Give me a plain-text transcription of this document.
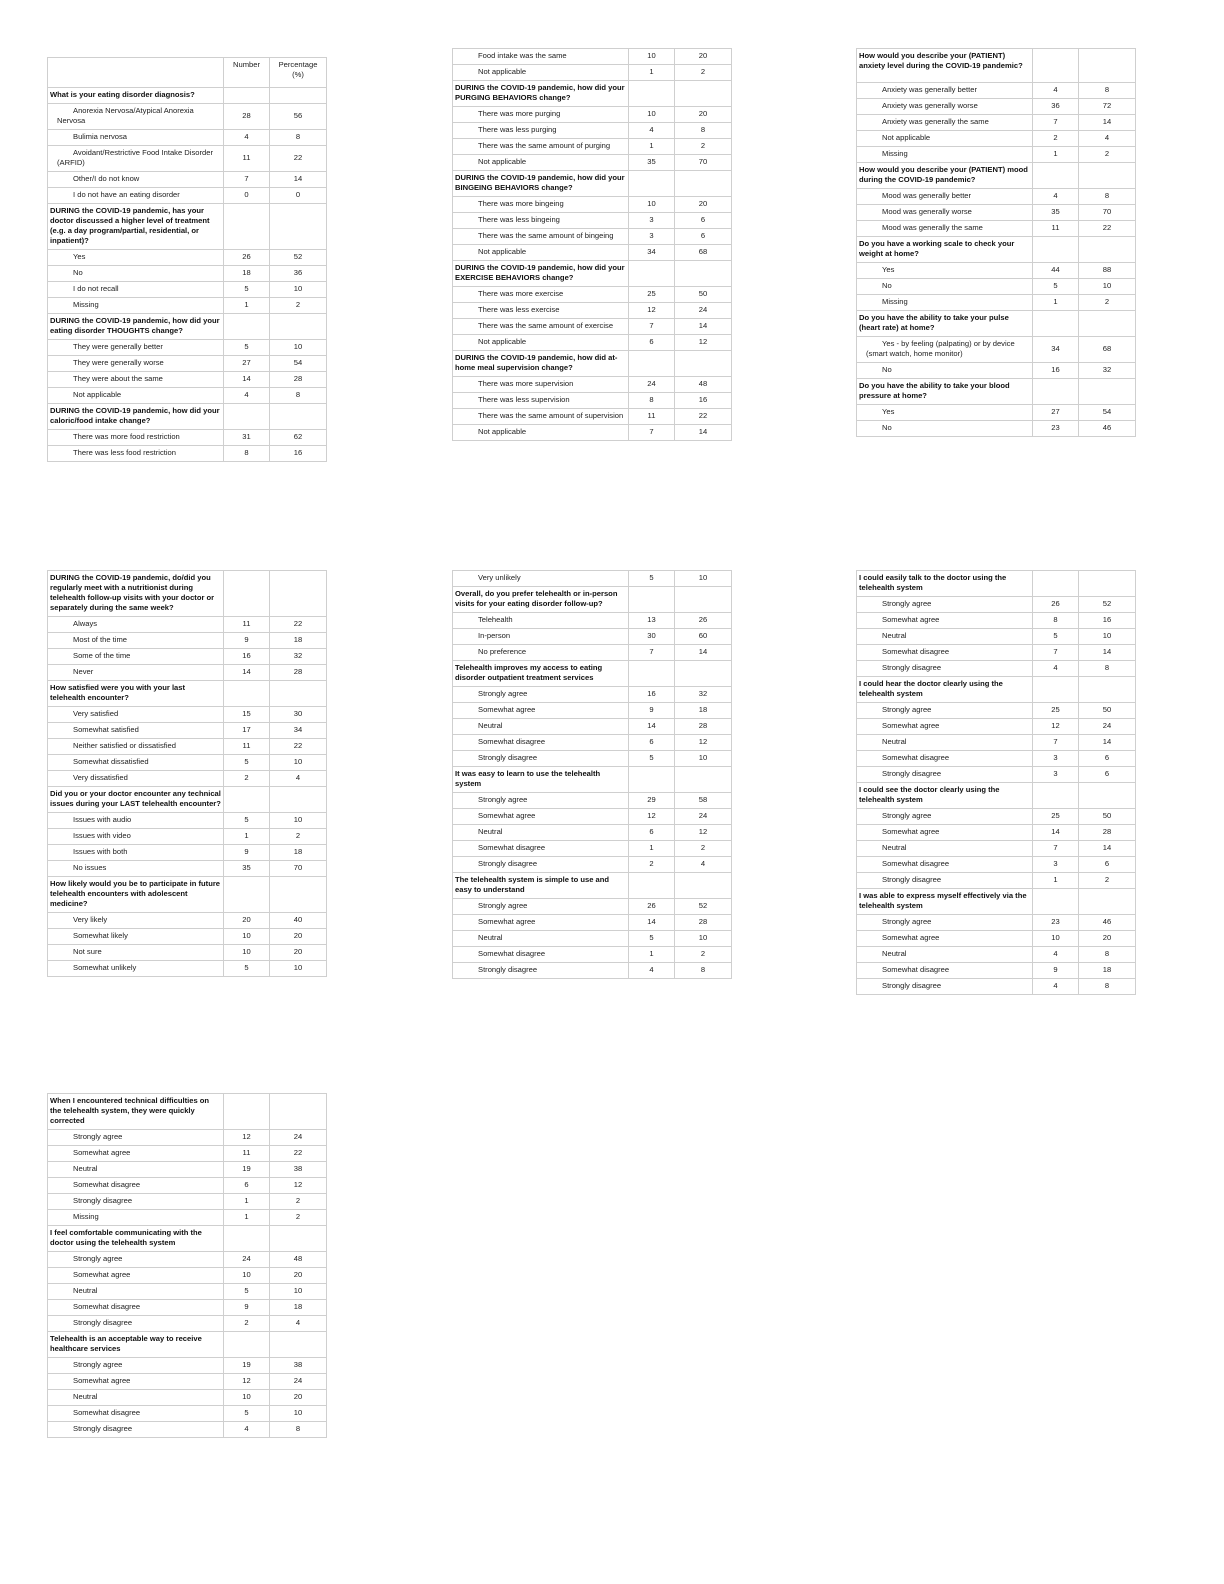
	Number	Percentage (%)
What is your eating disorder diagnosis?		
Anorexia Nervosa/Atypical Anorexia Nervosa	28	56
Bulimia nervosa	4	8
Avoidant/Restrictive Food Intake Disorder (ARFID)	11	22
Other/I do not know	7	14
I do not have an eating disorder	0	0
DURING the COVID-19 pandemic, has your doctor discussed a higher level of treatment (e.g. a day program/partial, residential, or inpatient)?		
Yes	26	52
No	18	36
I do not recall	5	10
Missing	1	2
DURING the COVID-19 pandemic, how did your eating disorder THOUGHTS change?		
They were generally better	5	10
They were generally worse	27	54
They were about the same	14	28
Not applicable	4	8
DURING the COVID-19 pandemic, how did your caloric/food intake change?		
There was more food restriction	31	62
There was less food restriction	8	16
Food intake was the same	10	20
Not applicable	1	2
DURING the COVID-19 pandemic, how did your PURGING BEHAVIORS change?		
There was more purging	10	20
There was less purging	4	8
There was the same amount of purging	1	2
Not applicable	35	70
DURING the COVID-19 pandemic, how did your BINGEING BEHAVIORS change?		
There was more bingeing	10	20
There was less bingeing	3	6
There was the same amount of bingeing	3	6
Not applicable	34	68
DURING the COVID-19 pandemic, how did your EXERCISE BEHAVIORS change?		
There was more exercise	25	50
There was less exercise	12	24
There was the same amount of exercise	7	14
Not applicable	6	12
DURING the COVID-19 pandemic, how did at-home meal supervision change?		
There was more supervision	24	48
There was less supervision	8	16
There was the same amount of supervision	11	22
Not applicable	7	14
How would you describe your (PATIENT) anxiety level during the COVID-19 pandemic?		
Anxiety was generally better	4	8
Anxiety was generally worse	36	72
Anxiety was generally the same	7	14
Not applicable	2	4
Missing	1	2
How would you describe your (PATIENT) mood during the COVID-19 pandemic?		
Mood was generally better	4	8
Mood was generally worse	35	70
Mood was generally the same	11	22
Do you have a working scale to check your weight at home?		
Yes	44	88
No	5	10
Missing	1	2
Do you have the ability to take your pulse (heart rate) at home?		
Yes - by feeling (palpating) or by device (smart watch, home monitor)	34	68
No	16	32
Do you have the ability to take your blood pressure at home?		
Yes	27	54
No	23	46
DURING the COVID-19 pandemic, do/did you regularly meet with a nutritionist during telehealth follow-up visits with your doctor or separately during the same week?		
Always	11	22
Most of the time	9	18
Some of the time	16	32
Never	14	28
How satisfied were you with your last telehealth encounter?		
Very satisfied	15	30
Somewhat satisfied	17	34
Neither satisfied or dissatisfied	11	22
Somewhat dissatisfied	5	10
Very dissatisfied	2	4
Did you or your doctor encounter any technical issues during your LAST telehealth encounter?		
Issues with audio	5	10
Issues with video	1	2
Issues with both	9	18
No issues	35	70
How likely would you be to participate in future telehealth encounters with adolescent medicine?		
Very likely	20	40
Somewhat likely	10	20
Not sure	10	20
Somewhat unlikely	5	10
Very unlikely	5	10
Overall, do you prefer telehealth or in-person visits for your eating disorder follow-up?		
Telehealth	13	26
In-person	30	60
No preference	7	14
Telehealth improves my access to eating disorder outpatient treatment services		
Strongly agree	16	32
Somewhat agree	9	18
Neutral	14	28
Somewhat disagree	6	12
Strongly disagree	5	10
It was easy to learn to use the telehealth system		
Strongly agree	29	58
Somewhat agree	12	24
Neutral	6	12
Somewhat disagree	1	2
Strongly disagree	2	4
The telehealth system is simple to use and easy to understand		
Strongly agree	26	52
Somewhat agree	14	28
Neutral	5	10
Somewhat disagree	1	2
Strongly disagree	4	8
I could easily talk to the doctor using the telehealth system		
Strongly agree	26	52
Somewhat agree	8	16
Neutral	5	10
Somewhat disagree	7	14
Strongly disagree	4	8
I could hear the doctor clearly using the telehealth system		
Strongly agree	25	50
Somewhat agree	12	24
Neutral	7	14
Somewhat disagree	3	6
Strongly disagree	3	6
I could see the doctor clearly using the telehealth system		
Strongly agree	25	50
Somewhat agree	14	28
Neutral	7	14
Somewhat disagree	3	6
Strongly disagree	1	2
I was able to express myself effectively via the telehealth system		
Strongly agree	23	46
Somewhat agree	10	20
Neutral	4	8
Somewhat disagree	9	18
Strongly disagree	4	8
When I encountered technical difficulties on the telehealth system, they were quickly corrected		
Strongly agree	12	24
Somewhat agree	11	22
Neutral	19	38
Somewhat disagree	6	12
Strongly disagree	1	2
Missing	1	2
I feel comfortable communicating with the doctor using the telehealth system		
Strongly agree	24	48
Somewhat agree	10	20
Neutral	5	10
Somewhat disagree	9	18
Strongly disagree	2	4
Telehealth is an acceptable way to receive healthcare services		
Strongly agree	19	38
Somewhat agree	12	24
Neutral	10	20
Somewhat disagree	5	10
Strongly disagree	4	8
